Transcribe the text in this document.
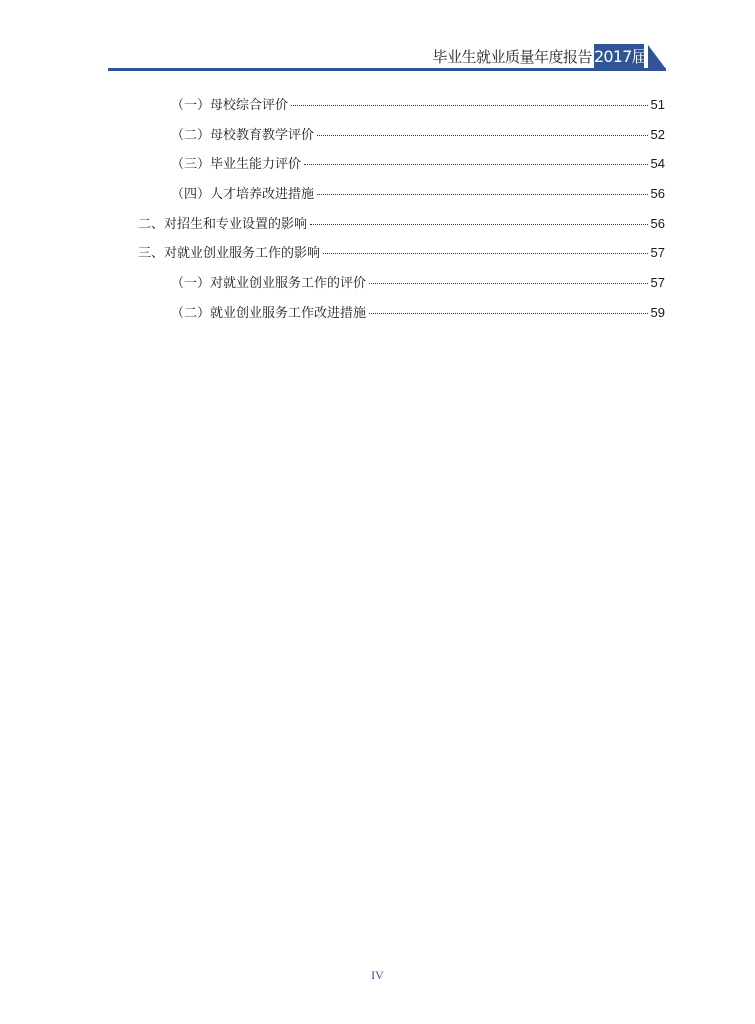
毕业生就业质量年度报告 2017届
（一）母校综合评价	51
（二）母校教育教学评价	52
（三）毕业生能力评价	54
（四）人才培养改进措施	56
二、对招生和专业设置的影响	56
三、对就业创业服务工作的影响	57
（一）对就业创业服务工作的评价	57
（二）就业创业服务工作改进措施	59
IV
